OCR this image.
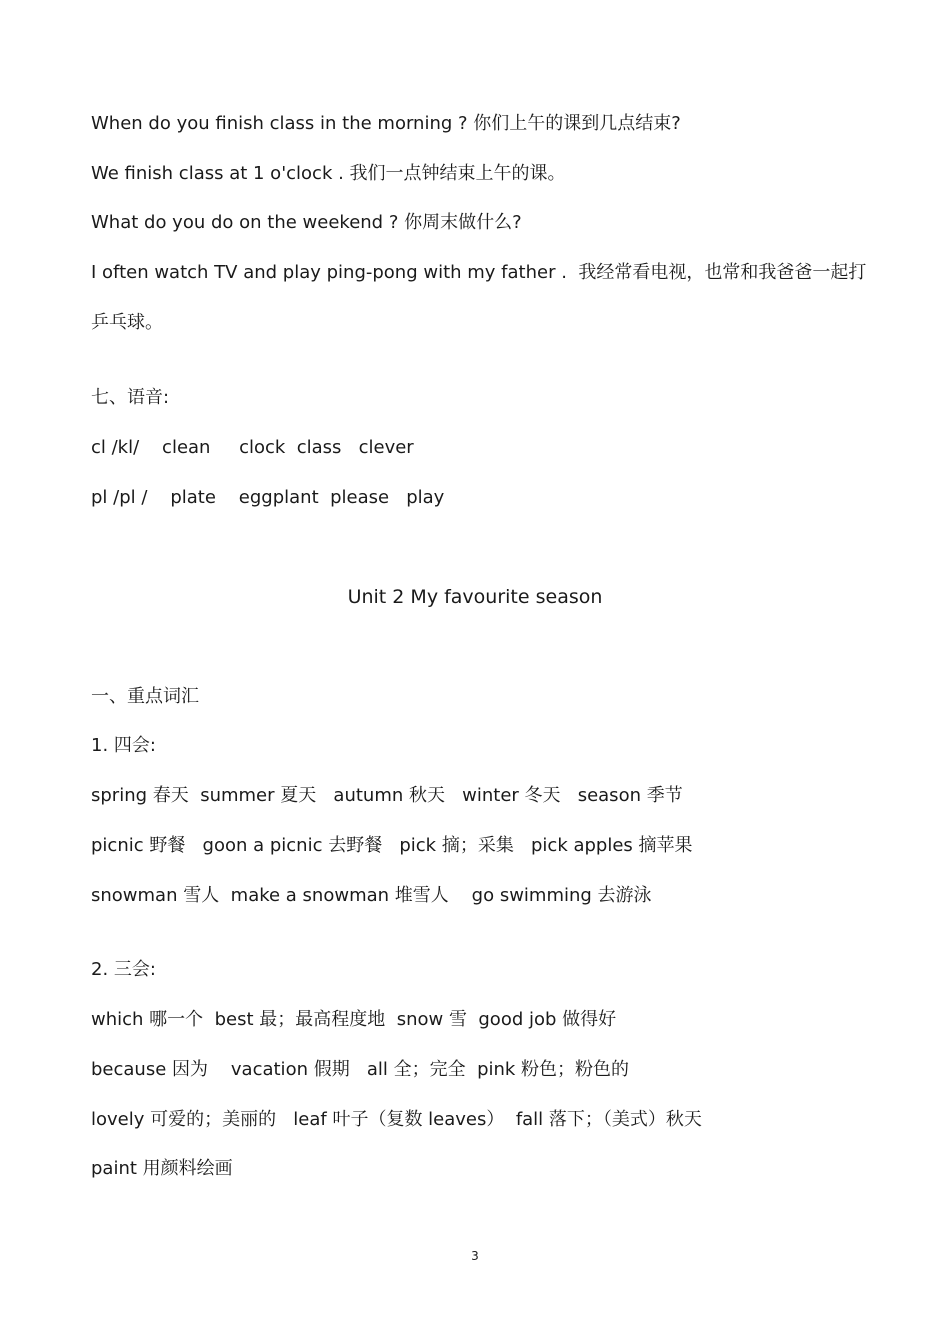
When do you finish class in the morning ? 你们上午的课到几点结束?
We finish class at 1 o'clock . 我们一点钟结束上午的课。
What do you do on the weekend ? 你周末做什么?
I often watch TV and play ping-pong with my father .  我经常看电视，也常和我爸爸一起打
乒乓球。
七、语音:
cl /kl/    clean     clock  class   clever
pl /pl /    plate    eggplant  please   play
Unit 2 My favourite season
一、重点词汇
1. 四会:
spring 春天  summer 夏天   autumn 秋天   winter 冬天   season 季节
picnic 野餐   goon a picnic 去野餐   pick 摘；采集   pick apples 摘苹果
snowman 雪人  make a snowman 堆雪人    go swimming 去游泳
2. 三会:
which 哪一个  best 最；最高程度地  snow 雪  good job 做得好
because 因为    vacation 假期   all 全；完全  pink 粉色；粉色的
lovely 可爱的；美丽的   leaf 叶子（复数 leaves）  fall 落下；（美式）秋天
paint 用颜料绘画
3
